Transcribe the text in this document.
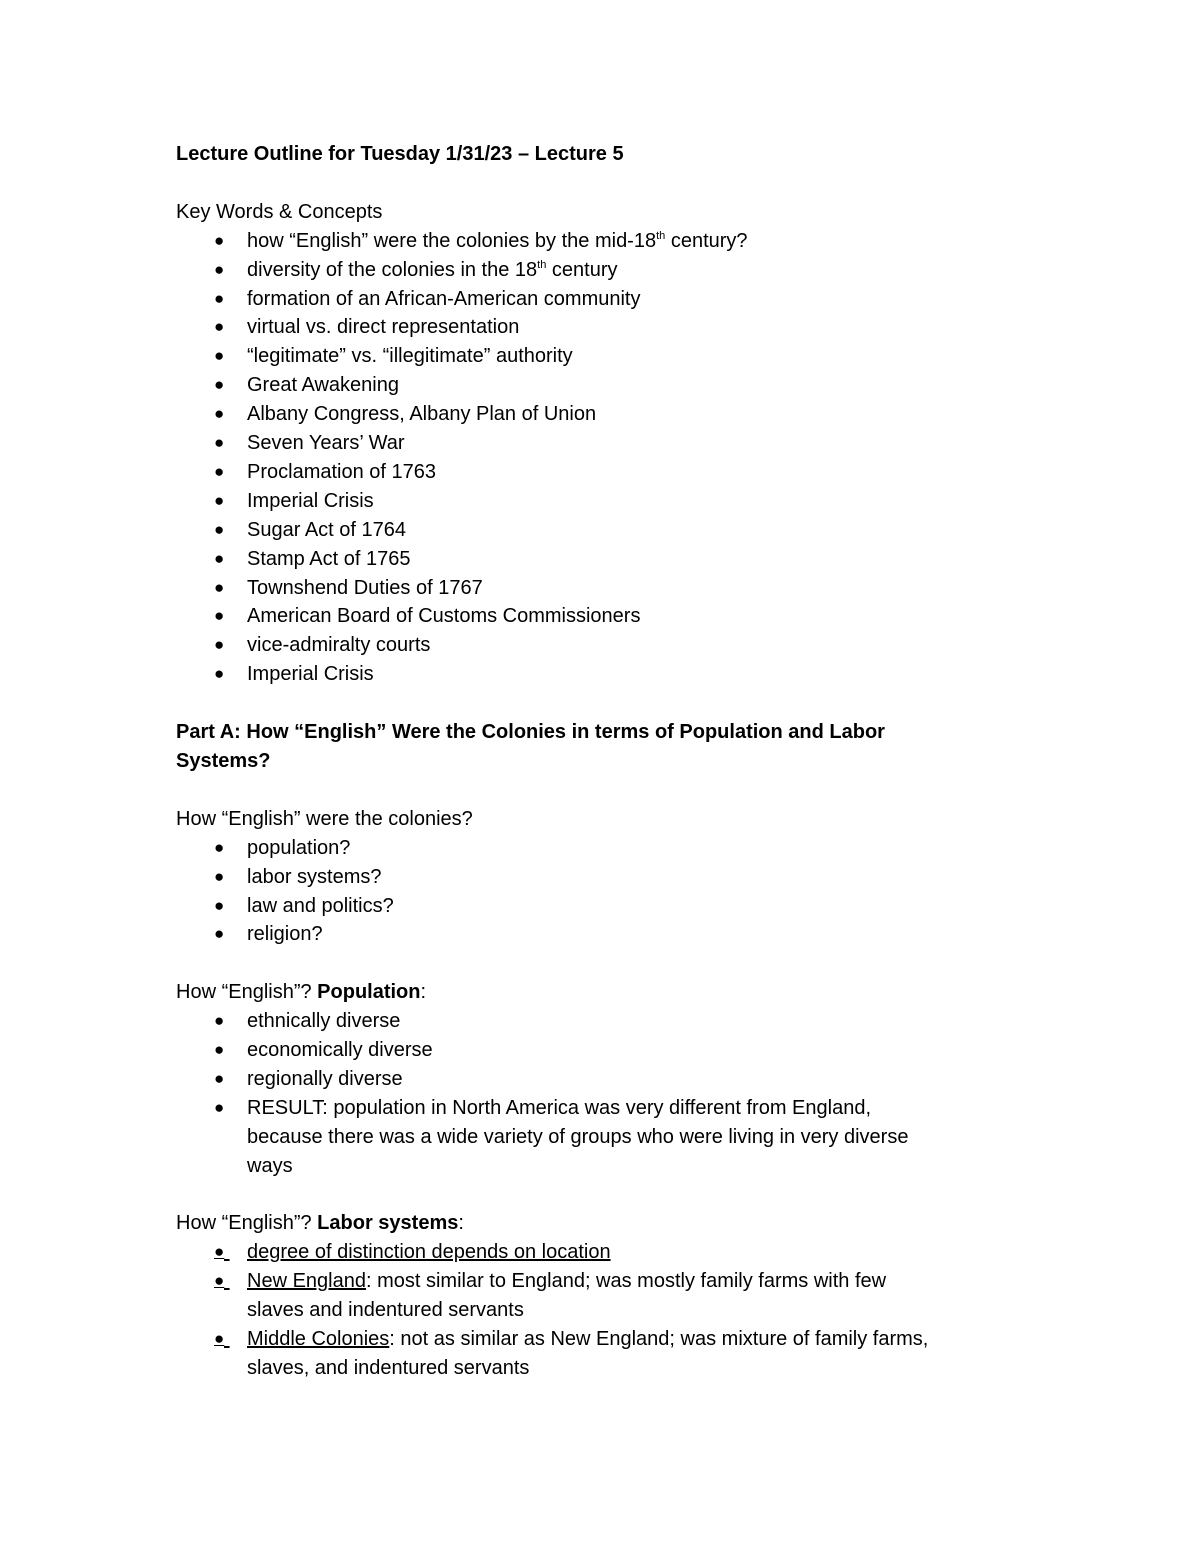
Lecture Outline for Tuesday 1/31/23 – Lecture 5

Key Words & Concepts

● how “English” were the colonies by the mid-18th century?
● diversity of the colonies in the 18th century
● formation of an African-American community
● virtual vs. direct representation
● “legitimate” vs. “illegitimate” authority
● Great Awakening
● Albany Congress, Albany Plan of Union
● Seven Years’ War
● Proclamation of 1763
● Imperial Crisis
● Sugar Act of 1764
● Stamp Act of 1765
● Townshend Duties of 1767
● American Board of Customs Commissioners
● vice-admiralty courts
● Imperial Crisis

Part A: How “English” Were the Colonies in terms of Population and Labor
Systems?

How “English” were the colonies?

● population?
● labor systems?
● law and politics?
● religion?

How “English”? Population:

● ethnically diverse
● economically diverse
● regionally diverse
● RESULT: population in North America was very different from England,
because there was a wide variety of groups who were living in very diverse
ways

How “English”? Labor systems:

●
degree of distinction depends on location
●
New England: most similar to England; was mostly family farms with few
slaves and indentured servants
●
Middle Colonies: not as similar as New England; was mixture of family farms,
slaves, and indentured servants
